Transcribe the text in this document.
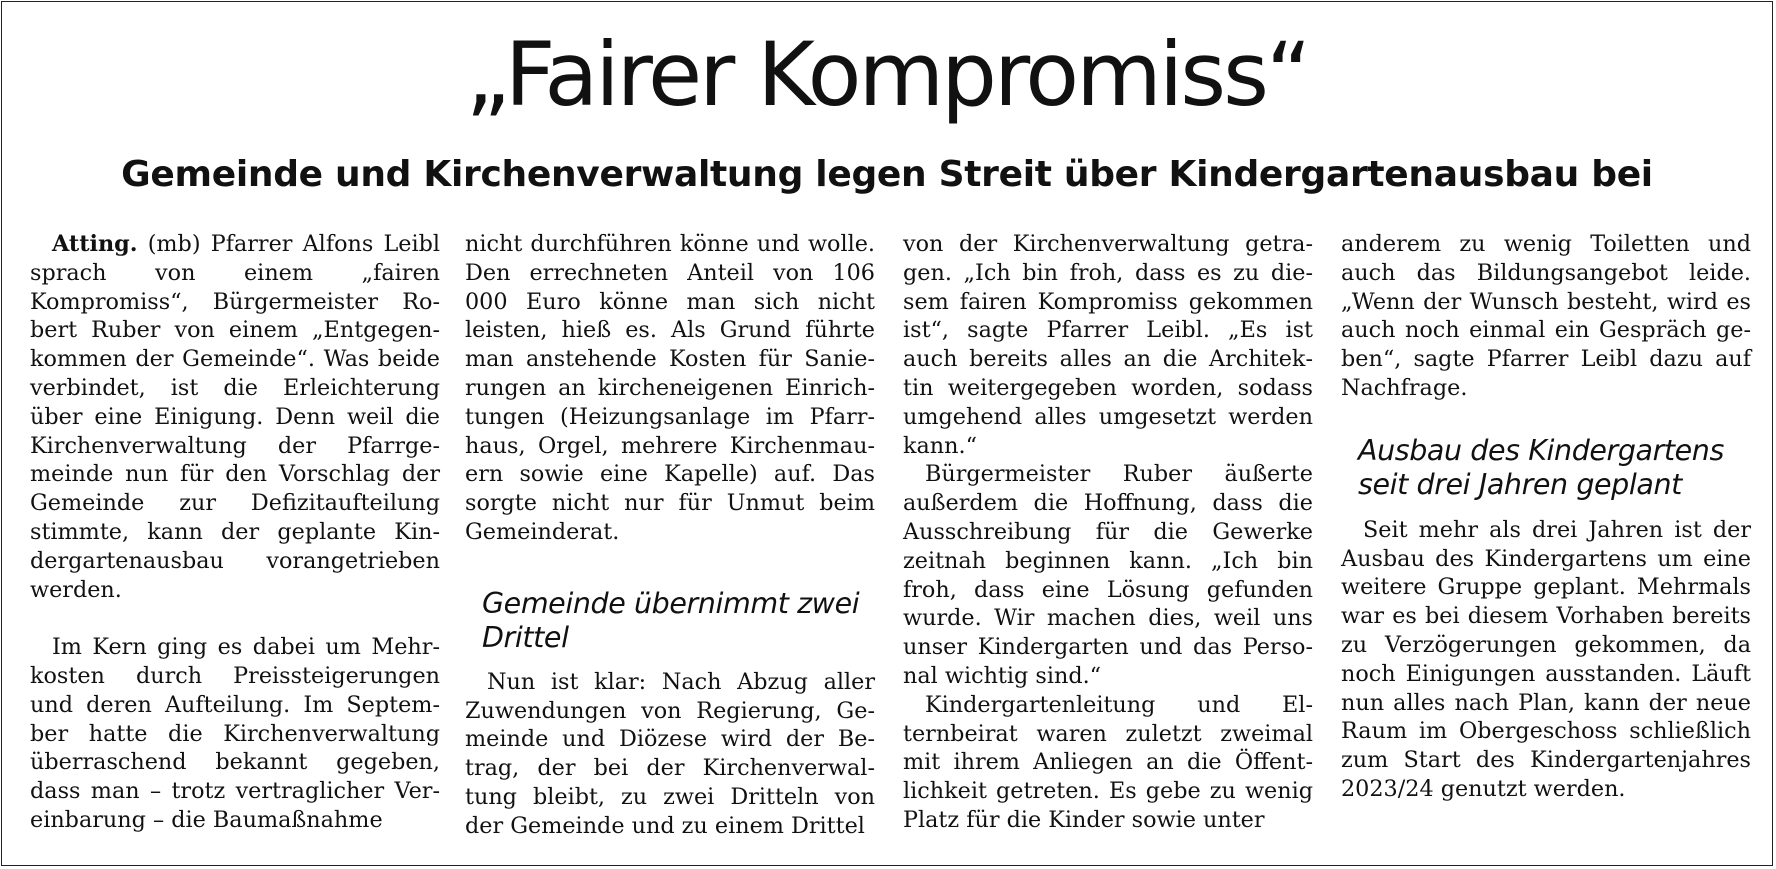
„Fairer Kompromiss“
Gemeinde und Kirchenverwaltung legen Streit über Kindergartenausbau bei

Atting. (mb) Pfarrer Alfons Leibl sprach von einem „fairen Kompromiss“, Bürgermeister Robert Ruber von einem „Entgegenkommen der Gemeinde“. Was beide verbindet, ist die Erleichterung über eine Einigung. Denn weil die Kirchenverwaltung der Pfarrgemeinde nun für den Vorschlag der Gemeinde zur Defizitaufteilung stimmte, kann der geplante Kindergartenausbau vorangetrieben werden.

Im Kern ging es dabei um Mehrkosten durch Preissteigerungen und deren Aufteilung. Im September hatte die Kirchenverwaltung überraschend bekannt gegeben, dass man – trotz vertraglicher Vereinbarung – die Baumaßnahme

nicht durchführen könne und wolle. Den errechneten Anteil von 106 000 Euro könne man sich nicht leisten, hieß es. Als Grund führte man anstehende Kosten für Sanierungen an kircheneigenen Einrichtungen (Heizungsanlage im Pfarrhaus, Orgel, mehrere Kirchenmauern sowie eine Kapelle) auf. Das sorgte nicht nur für Unmut beim Gemeinderat.

Gemeinde übernimmt zwei Drittel

Nun ist klar: Nach Abzug aller Zuwendungen von Regierung, Gemeinde und Diözese wird der Betrag, der bei der Kirchenverwaltung bleibt, zu zwei Dritteln von der Gemeinde und zu einem Drittel

von der Kirchenverwaltung getragen. „Ich bin froh, dass es zu diesem fairen Kompromiss gekommen ist“, sagte Pfarrer Leibl. „Es ist auch bereits alles an die Architektin weitergegeben worden, sodass umgehend alles umgesetzt werden kann.“

Bürgermeister Ruber äußerte außerdem die Hoffnung, dass die Ausschreibung für die Gewerke zeitnah beginnen kann. „Ich bin froh, dass eine Lösung gefunden wurde. Wir machen dies, weil uns unser Kindergarten und das Personal wichtig sind.“

Kindergartenleitung und Elternbeirat waren zuletzt zweimal mit ihrem Anliegen an die Öffentlichkeit getreten. Es gebe zu wenig Platz für die Kinder sowie unter

anderem zu wenig Toiletten und auch das Bildungsangebot leide. „Wenn der Wunsch besteht, wird es auch noch einmal ein Gespräch geben“, sagte Pfarrer Leibl dazu auf Nachfrage.

Ausbau des Kindergartens seit drei Jahren geplant

Seit mehr als drei Jahren ist der Ausbau des Kindergartens um eine weitere Gruppe geplant. Mehrmals war es bei diesem Vorhaben bereits zu Verzögerungen gekommen, da noch Einigungen ausstanden. Läuft nun alles nach Plan, kann der neue Raum im Obergeschoss schließlich zum Start des Kindergartenjahres 2023/24 genutzt werden.
